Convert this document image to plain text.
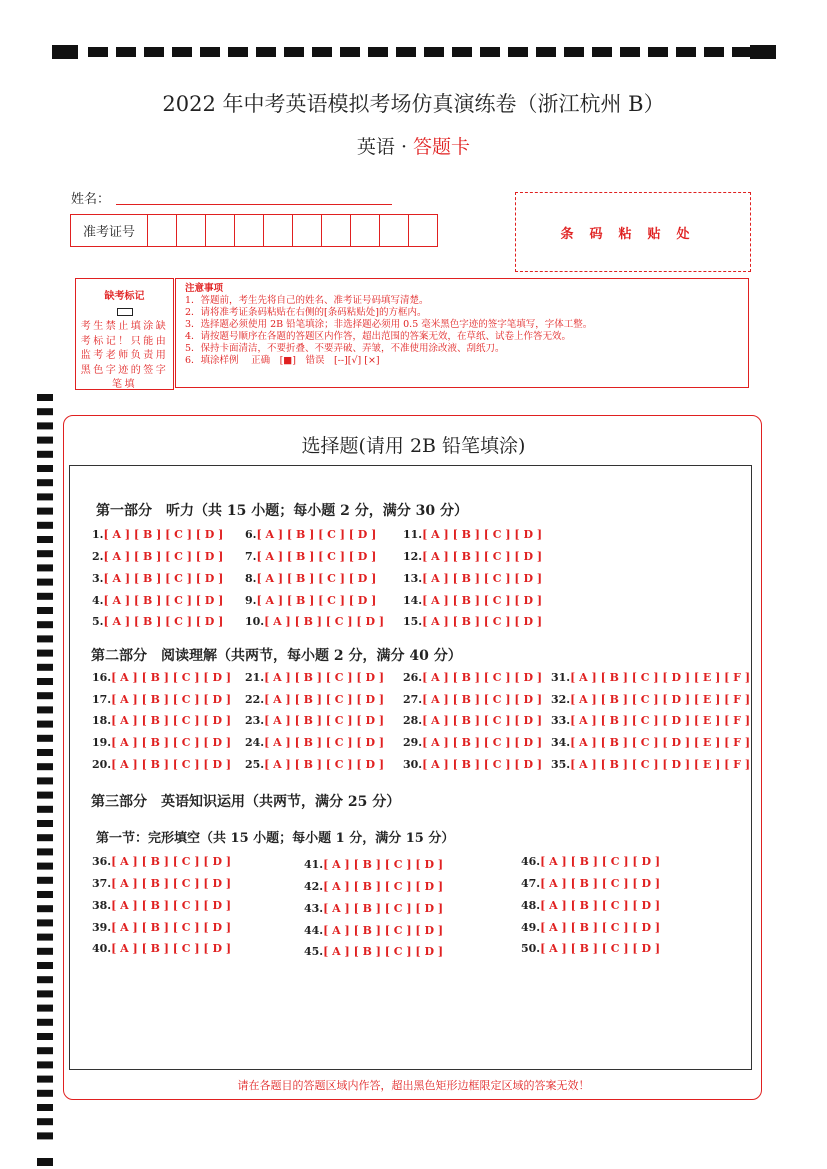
2022 年中考英语模拟考场仿真演练卷（浙江杭州 B）
英语 · 答题卡
姓名：
准考证号	条码粘贴处
缺考标记
考生禁止填涂缺考标记！只能由监考老师负责用黑色字迹的签字笔填
注意事项
1．答题前，考生先将自己的姓名、准考证号码填写清楚。
2．请将准考证条码粘贴在右侧的[条码粘贴处]的方框内。
3．选择题必须使用 2B 铅笔填涂；非选择题必须用 0.5 毫米黑色字迹的签字笔填写，字体工整。
4．请按题号顺序在各题的答题区内作答，超出范围的答案无效，在草纸、试卷上作答无效。
5．保持卡面清洁，不要折叠、不要弄破、弄皱，不准使用涂改液、刮纸刀。
6．填涂样例　 正确　[■]　错误　[--][√] [×]
选择题(请用 2B 铅笔填涂)
第一部分　听力（共 15 小题；每小题 2 分，满分 30 分）
第二部分　阅读理解（共两节，每小题 2 分，满分 40 分）
第三部分　英语知识运用（共两节，满分 25 分）
第一节：完形填空（共 15 小题；每小题 1 分，满分 15 分）
1.[ A ] [ B ] [ C ] [ D ]
2.[ A ] [ B ] [ C ] [ D ]
3.[ A ] [ B ] [ C ] [ D ]
4.[ A ] [ B ] [ C ] [ D ]
5.[ A ] [ B ] [ C ] [ D ]
6.[ A ] [ B ] [ C ] [ D ]
7.[ A ] [ B ] [ C ] [ D ]
8.[ A ] [ B ] [ C ] [ D ]
9.[ A ] [ B ] [ C ] [ D ]
10.[ A ] [ B ] [ C ] [ D ]
11.[ A ] [ B ] [ C ] [ D ]
12.[ A ] [ B ] [ C ] [ D ]
13.[ A ] [ B ] [ C ] [ D ]
14.[ A ] [ B ] [ C ] [ D ]
15.[ A ] [ B ] [ C ] [ D ]
16.[ A ] [ B ] [ C ] [ D ]
17.[ A ] [ B ] [ C ] [ D ]
18.[ A ] [ B ] [ C ] [ D ]
19.[ A ] [ B ] [ C ] [ D ]
20.[ A ] [ B ] [ C ] [ D ]
21.[ A ] [ B ] [ C ] [ D ]
22.[ A ] [ B ] [ C ] [ D ]
23.[ A ] [ B ] [ C ] [ D ]
24.[ A ] [ B ] [ C ] [ D ]
25.[ A ] [ B ] [ C ] [ D ]
26.[ A ] [ B ] [ C ] [ D ]
27.[ A ] [ B ] [ C ] [ D ]
28.[ A ] [ B ] [ C ] [ D ]
29.[ A ] [ B ] [ C ] [ D ]
30.[ A ] [ B ] [ C ] [ D ]
31.[ A ] [ B ] [ C ] [ D ] [ E ] [ F ]
32.[ A ] [ B ] [ C ] [ D ] [ E ] [ F ]
33.[ A ] [ B ] [ C ] [ D ] [ E ] [ F ]
34.[ A ] [ B ] [ C ] [ D ] [ E ] [ F ]
35.[ A ] [ B ] [ C ] [ D ] [ E ] [ F ]
36.[ A ] [ B ] [ C ] [ D ]
37.[ A ] [ B ] [ C ] [ D ]
38.[ A ] [ B ] [ C ] [ D ]
39.[ A ] [ B ] [ C ] [ D ]
40.[ A ] [ B ] [ C ] [ D ]
41.[ A ] [ B ] [ C ] [ D ]
42.[ A ] [ B ] [ C ] [ D ]
43.[ A ] [ B ] [ C ] [ D ]
44.[ A ] [ B ] [ C ] [ D ]
45.[ A ] [ B ] [ C ] [ D ]
46.[ A ] [ B ] [ C ] [ D ]
47.[ A ] [ B ] [ C ] [ D ]
48.[ A ] [ B ] [ C ] [ D ]
49.[ A ] [ B ] [ C ] [ D ]
50.[ A ] [ B ] [ C ] [ D ]
请在各题目的答题区域内作答，超出黑色矩形边框限定区域的答案无效！
